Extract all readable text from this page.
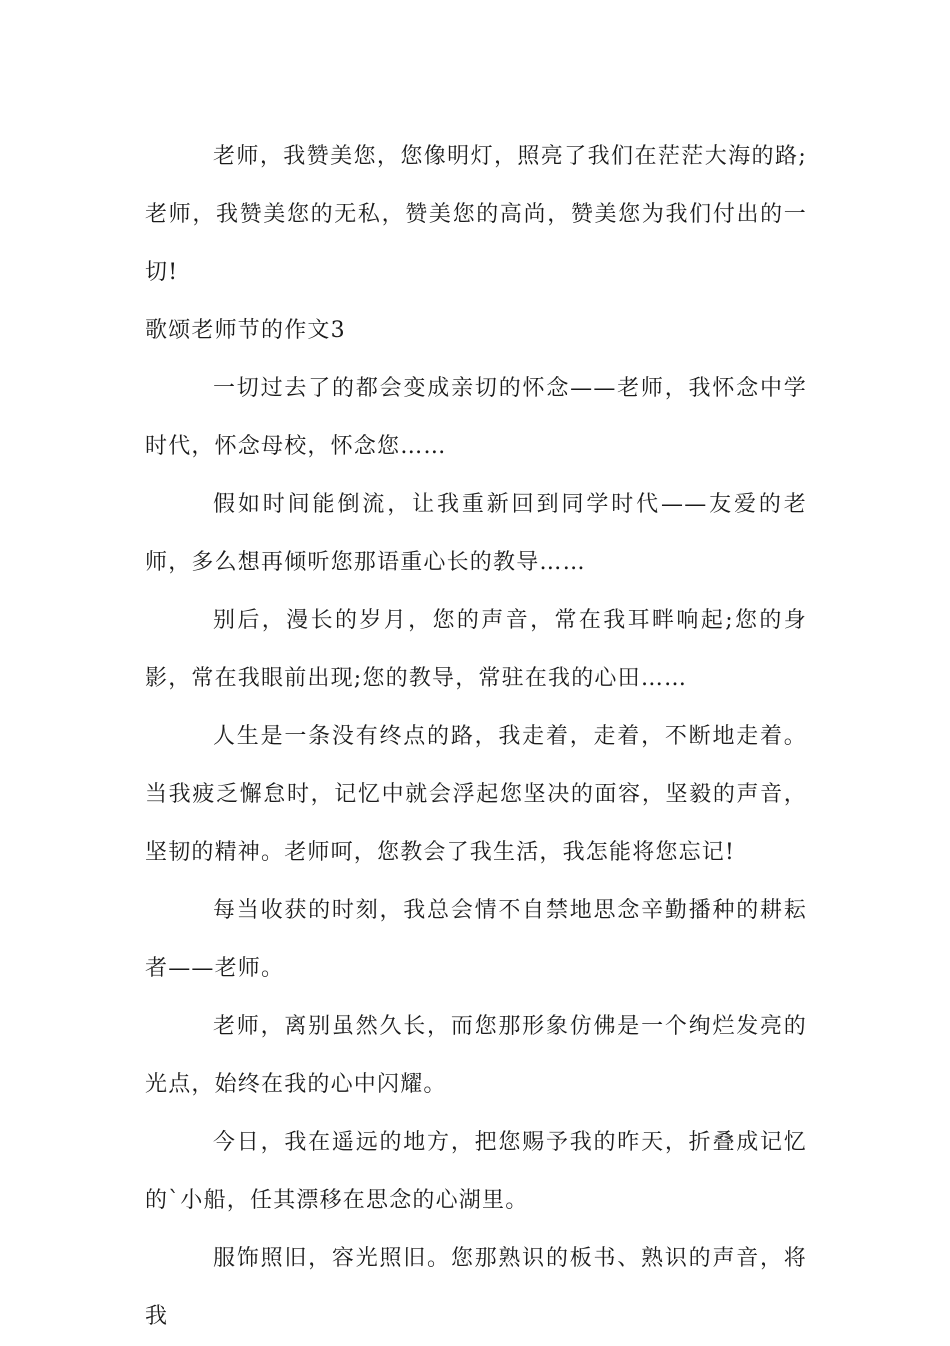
老师，我赞美您，您像明灯，照亮了我们在茫茫大海的路;老师，我赞美您的无私，赞美您的高尚，赞美您为我们付出的一切!

歌颂老师节的作文3

一切过去了的都会变成亲切的怀念——老师，我怀念中学时代，怀念母校，怀念您……

假如时间能倒流，让我重新回到同学时代——友爱的老师，多么想再倾听您那语重心长的教导……

别后，漫长的岁月，您的声音，常在我耳畔响起;您的身影，常在我眼前出现;您的教导，常驻在我的心田……

人生是一条没有终点的路，我走着，走着，不断地走着。当我疲乏懈怠时，记忆中就会浮起您坚决的面容，坚毅的声音，坚韧的精神。老师呵，您教会了我生活，我怎能将您忘记!

每当收获的时刻，我总会情不自禁地思念辛勤播种的耕耘者——老师。

老师，离别虽然久长，而您那形象仿佛是一个绚烂发亮的光点，始终在我的心中闪耀。

今日，我在遥远的地方，把您赐予我的昨天，折叠成记忆的`小船，任其漂移在思念的心湖里。

服饰照旧，容光照旧。您那熟识的板书、熟识的声音，将我
